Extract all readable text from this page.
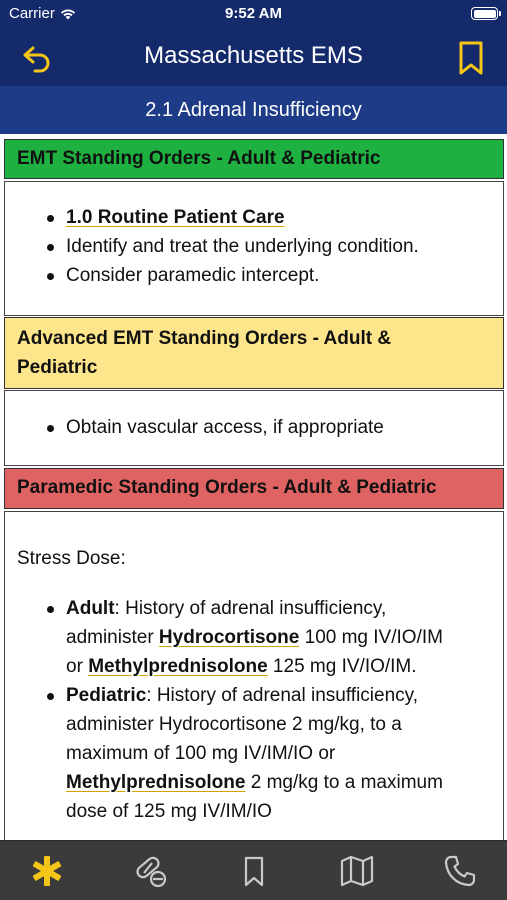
Carrier	9:52 AM
Massachusetts EMS
2.1 Adrenal Insufficiency
EMT Standing Orders - Adult & Pediatric
1.0 Routine Patient Care
Identify and treat the underlying condition.
Consider paramedic intercept.
Advanced EMT Standing Orders - Adult &
Pediatric
Obtain vascular access, if appropriate
Paramedic Standing Orders - Adult & Pediatric
Stress Dose:
Adult: History of adrenal insufficiency,
administer Hydrocortisone 100 mg IV/IO/IM
or Methylprednisolone 125 mg IV/IO/IM.
Pediatric: History of adrenal insufficiency,
administer Hydrocortisone 2 mg/kg, to a
maximum of 100 mg IV/IM/IO or
Methylprednisolone 2 mg/kg to a maximum
dose of 125 mg IV/IM/IO
